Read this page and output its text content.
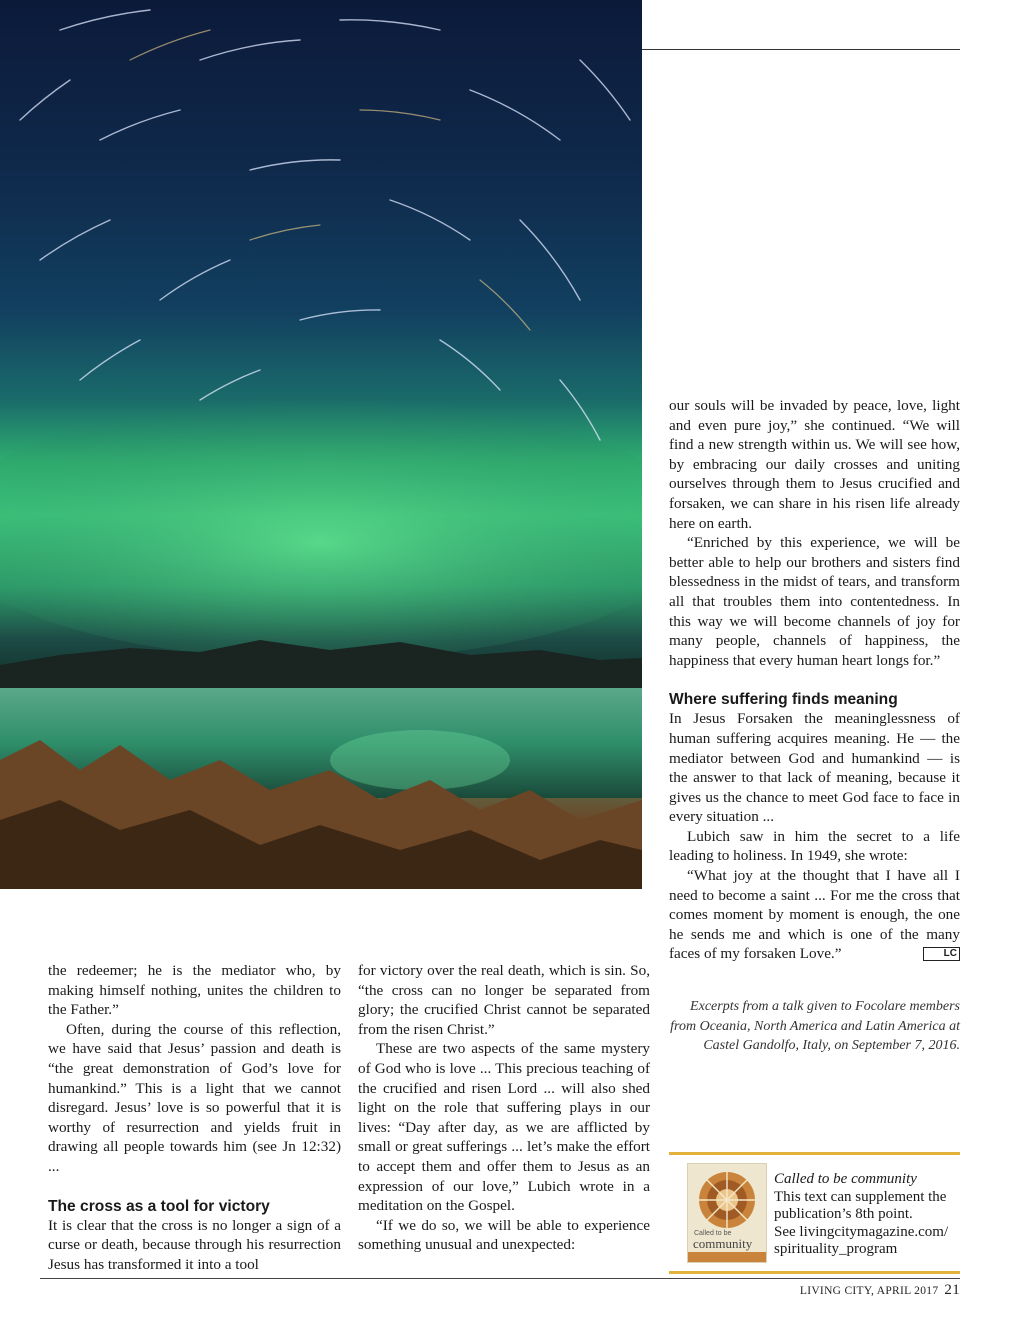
the redeemer; he is the mediator who, by making himself nothing, unites the children to the Father.”

Often, during the course of this reflection, we have said that Jesus’ passion and death is “the great demonstration of God’s love for humankind.” This is a light that we cannot disregard. Jesus’ love is so powerful that it is worthy of resurrection and yields fruit in drawing all people towards him (see Jn 12:32) ...

The cross as a tool for victory

It is clear that the cross is no longer a sign of a curse or death, because through his resurrection Jesus has transformed it into a tool

for victory over the real death, which is sin. So, “the cross can no longer be separated from glory; the crucified Christ cannot be separated from the risen Christ.”

These are two aspects of the same mystery of God who is love ... This precious teaching of the crucified and risen Lord ... will also shed light on the role that suffering plays in our lives: “Day after day, as we are afflicted by small or great sufferings ... let’s make the effort to accept them and offer them to Jesus as an expression of our love,” Lubich wrote in a meditation on the Gospel.

“If we do so, we will be able to experience something unusual and unexpected:

our souls will be invaded by peace, love, light and even pure joy,” she continued. “We will find a new strength within us. We will see how, by embracing our daily crosses and uniting ourselves through them to Jesus crucified and forsaken, we can share in his risen life already here on earth.

“Enriched by this experience, we will be better able to help our brothers and sisters find blessedness in the midst of tears, and transform all that troubles them into contentedness. In this way we will become channels of joy for many people, channels of happiness, the happiness that every human heart longs for.”

Where suffering finds meaning

In Jesus Forsaken the meaninglessness of human suffering acquires meaning. He — the mediator between God and humankind — is the answer to that lack of meaning, because it gives us the chance to meet God face to face in every situation ...

Lubich saw in him the secret to a life leading to holiness. In 1949, she wrote:

“What joy at the thought that I have all I need to become a saint ... For me the cross that comes moment by moment is enough, the one he sends me and which is one of the many faces of my forsaken Love.”	LC

Excerpts from a talk given to Focolare members from Oceania, North America and Latin America at Castel Gandolfo, Italy, on September 7, 2016.
Called to be
community
Called to be community
This text can supplement the publication’s 8th point.
See livingcitymagazine.com/ spirituality_program
LIVING CITY, APRIL 2017 21
